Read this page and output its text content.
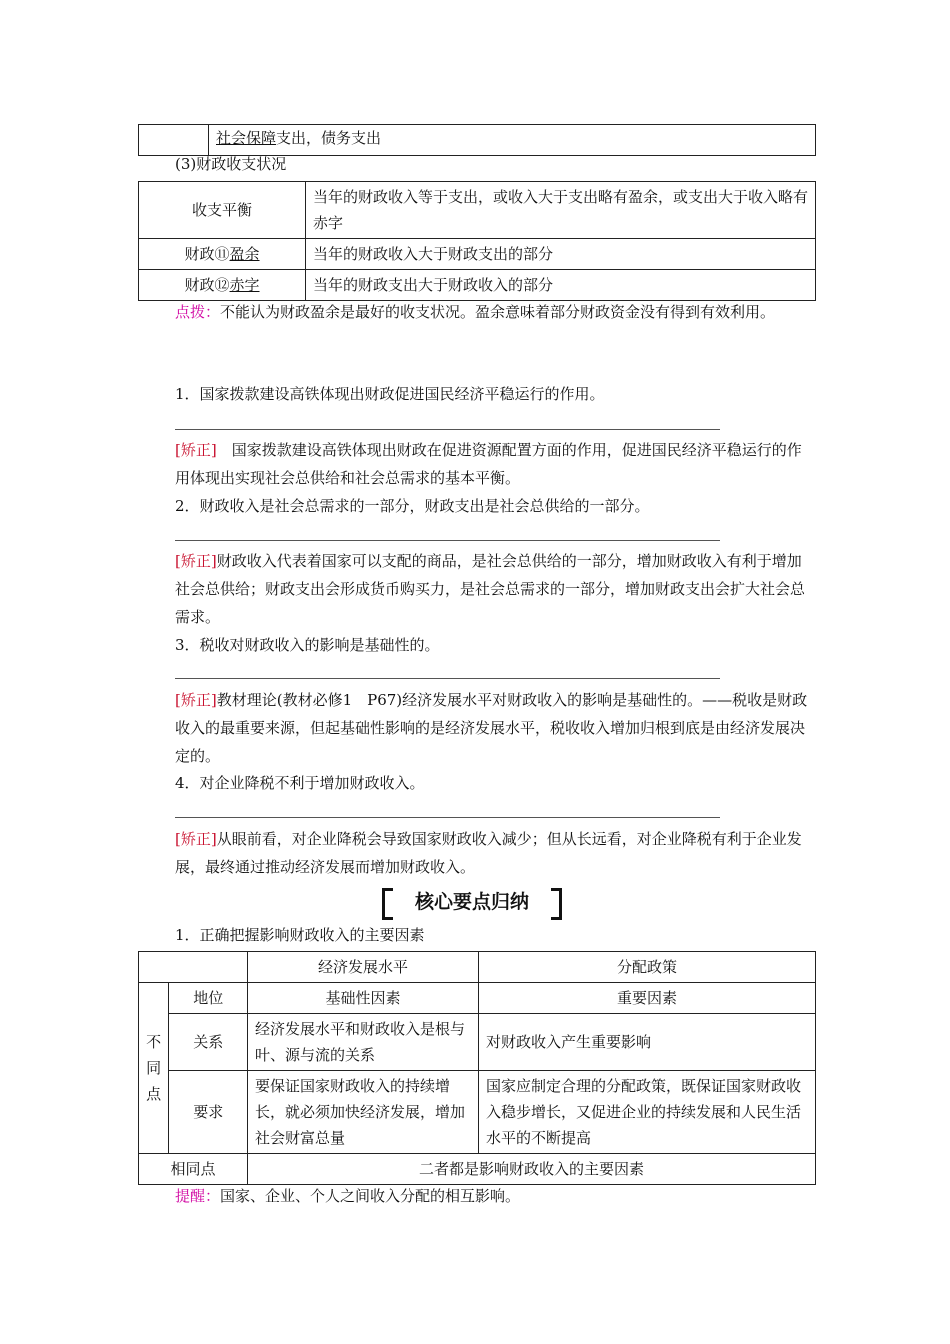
	社会保障支出，债务支出
(3)财政收支状况
收支平衡	当年的财政收入等于支出，或收入大于支出略有盈余，或支出大于收入略有赤字
财政⑪盈余	当年的财政收入大于财政支出的部分
财政⑫赤字	当年的财政支出大于财政收入的部分
点拨：不能认为财政盈余是最好的收支状况。盈余意味着部分财政资金没有得到有效利用。
1．国家拨款建设高铁体现出财政促进国民经济平稳运行的作用。
[矫正]　国家拨款建设高铁体现出财政在促进资源配置方面的作用，促进国民经济平稳运行的作用体现出实现社会总供给和社会总需求的基本平衡。
2．财政收入是社会总需求的一部分，财政支出是社会总供给的一部分。
[矫正]财政收入代表着国家可以支配的商品，是社会总供给的一部分，增加财政收入有利于增加社会总供给；财政支出会形成货币购买力，是社会总需求的一部分，增加财政支出会扩大社会总需求。
3．税收对财政收入的影响是基础性的。
[矫正]教材理论(教材必修1　P67)经济发展水平对财政收入的影响是基础性的。——税收是财政收入的最重要来源，但起基础性影响的是经济发展水平，税收收入增加归根到底是由经济发展决定的。
4．对企业降税不利于增加财政收入。
[矫正]从眼前看，对企业降税会导致国家财政收入减少；但从长远看，对企业降税有利于企业发展，最终通过推动经济发展而增加财政收入。
核心要点归纳
1．正确把握影响财政收入的主要因素
		经济发展水平	分配政策
不同点	地位	基础性因素	重要因素
	关系	经济发展水平和财政收入是根与叶、源与流的关系	对财政收入产生重要影响
	要求	要保证国家财政收入的持续增长，就必须加快经济发展，增加社会财富总量	国家应制定合理的分配政策，既保证国家财政收入稳步增长，又促进企业的持续发展和人民生活水平的不断提高
相同点		二者都是影响财政收入的主要因素	
提醒：国家、企业、个人之间收入分配的相互影响。
